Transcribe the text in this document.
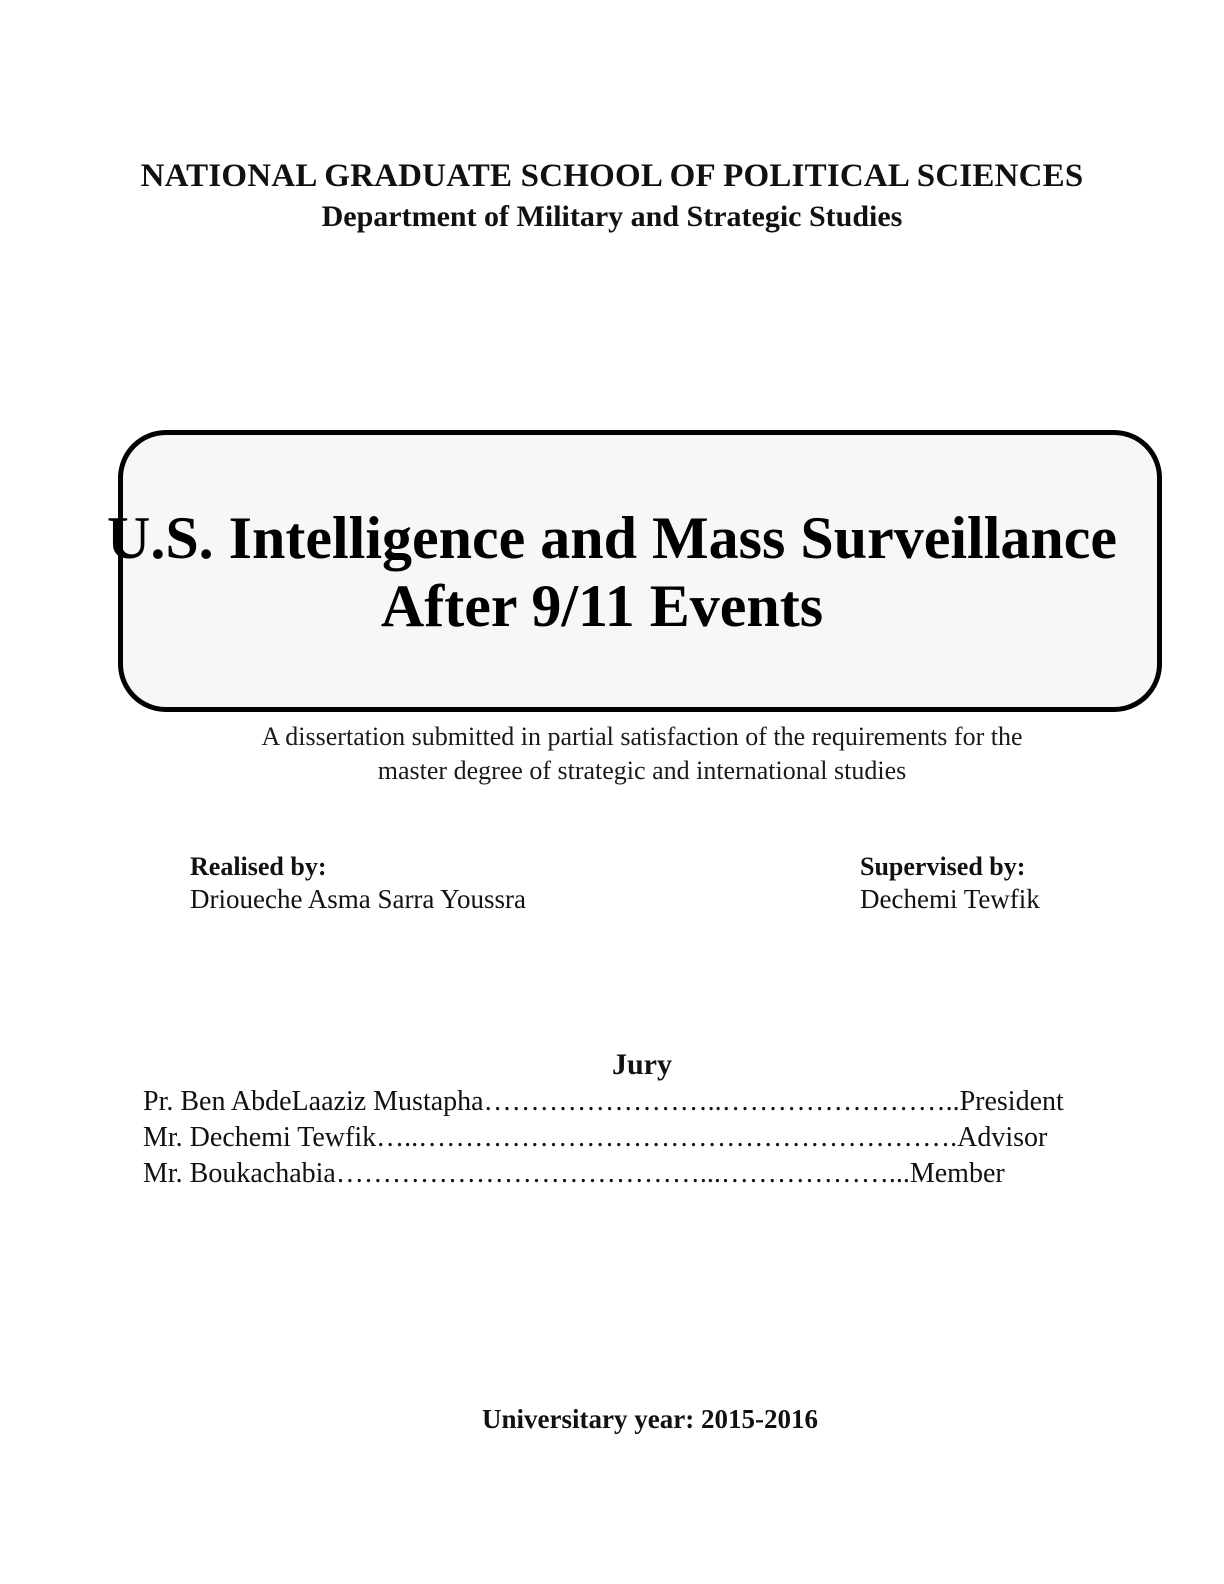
NATIONAL GRADUATE SCHOOL OF POLITICAL SCIENCES
Department of Military and Strategic Studies
U.S. Intelligence and Mass Surveillance
After 9/11 Events
A dissertation submitted in partial satisfaction of the requirements for the
master degree of strategic and international studies
Realised by:
Drioueche Asma Sarra Youssra
Supervised by:
Dechemi Tewfik
Jury
Pr. Ben AbdeLaaziz Mustapha……………………..……………………..President
Mr. Dechemi Tewfik…..………………………………………………….Advisor
Mr. Boukachabia…………………………………...………………...Member
Universitary year: 2015-2016
